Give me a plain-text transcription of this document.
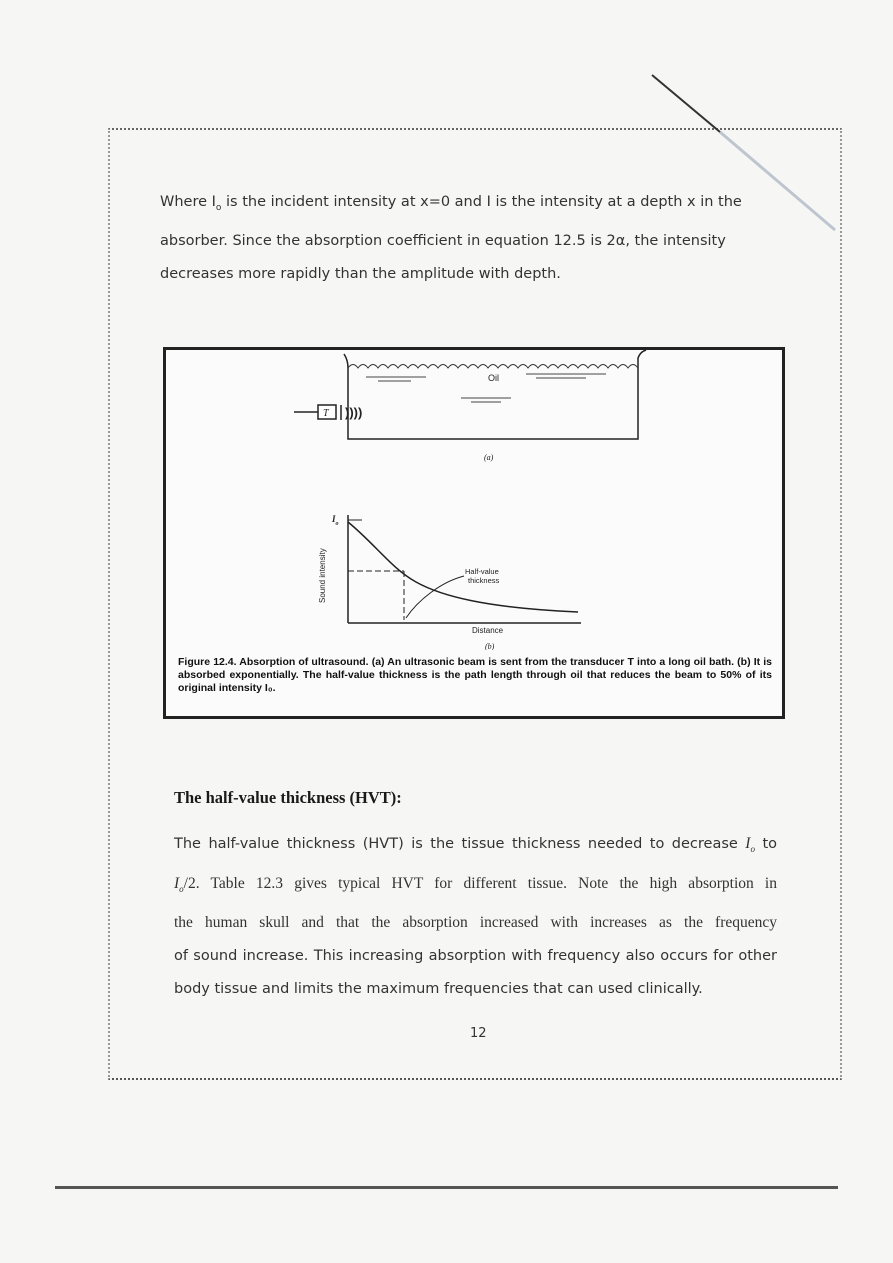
Where $I_o$ is the incident intensity at x=0 and I is the intensity at a depth x in the
absorber. Since the absorption coefficient in equation 12.5 is 2α, the intensity
decreases more rapidly than the amplitude with depth.
Oil
T ))))
(a)
$I_o$
Sound intensity	Half-value thickness
Distance
(b)
Figure 12.4. Absorption of ultrasound. (a) An ultrasonic beam is sent from the transducer T into a long oil bath. (b) It is absorbed exponentially. The half-value thickness is the path length through oil that reduces the beam to 50% of its original intensity I₀.
The half-value thickness (HVT):
The half-value thickness (HVT) is the tissue thickness needed to decrease $I_o$ to
$I_o/2$. Table 12.3 gives typical HVT for different tissue. Note the high absorption in
the human skull and that the absorption increased with increases as the frequency
of sound increase. This increasing absorption with frequency also occurs for other
body tissue and limits the maximum frequencies that can used clinically.
12
